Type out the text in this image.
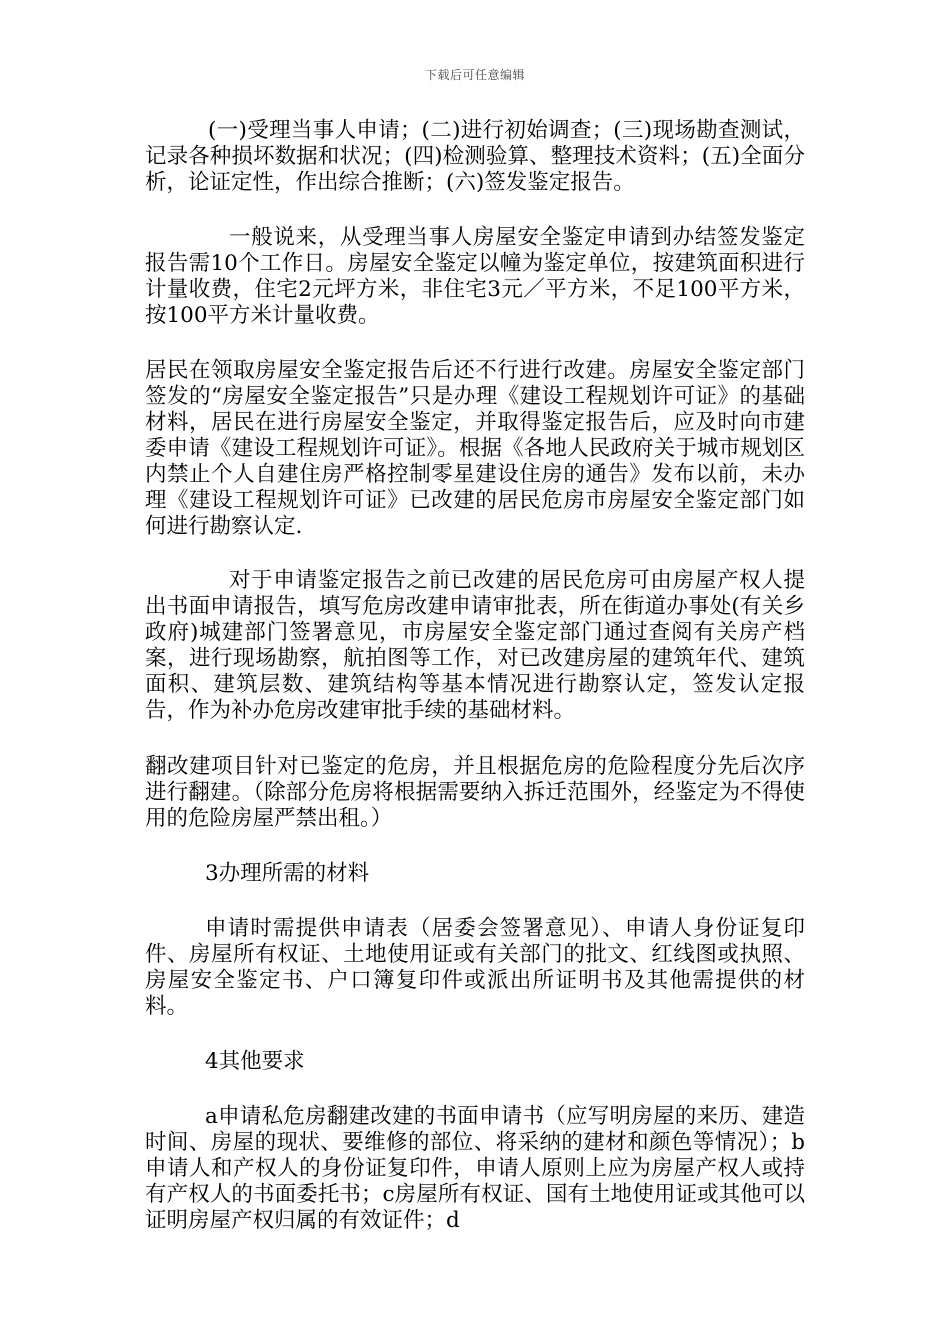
下载后可任意编辑

(一)受理当事人申请；(二)进行初始调查；(三)现场勘查测试，记录各种损坏数据和状况；(四)检测验算、整理技术资料；(五)全面分析，论证定性，作出综合推断；(六)签发鉴定报告。

一般说来，从受理当事人房屋安全鉴定申请到办结签发鉴定报告需10个工作日。房屋安全鉴定以幢为鉴定单位，按建筑面积进行计量收费，住宅2元坪方米，非住宅3元／平方米，不足100平方米，按100平方米计量收费。

居民在领取房屋安全鉴定报告后还不行进行改建。房屋安全鉴定部门签发的“房屋安全鉴定报告”只是办理《建设工程规划许可证》的基础材料，居民在进行房屋安全鉴定，并取得鉴定报告后，应及时向市建委申请《建设工程规划许可证》。根据《各地人民政府关于城市规划区内禁止个人自建住房严格控制零星建设住房的通告》发布以前，未办理《建设工程规划许可证》已改建的居民危房市房屋安全鉴定部门如何进行勘察认定.

对于申请鉴定报告之前已改建的居民危房可由房屋产权人提出书面申请报告，填写危房改建申请审批表，所在街道办事处(有关乡政府)城建部门签署意见，市房屋安全鉴定部门通过查阅有关房产档案，进行现场勘察，航拍图等工作，对已改建房屋的建筑年代、建筑面积、建筑层数、建筑结构等基本情况进行勘察认定，签发认定报告，作为补办危房改建审批手续的基础材料。

翻改建项目针对已鉴定的危房，并且根据危房的危险程度分先后次序进行翻建。（除部分危房将根据需要纳入拆迁范围外，经鉴定为不得使用的危险房屋严禁出租。）

3办理所需的材料

申请时需提供申请表（居委会签署意见）、申请人身份证复印件、房屋所有权证、土地使用证或有关部门的批文、红线图或执照、房屋安全鉴定书、户口簿复印件或派出所证明书及其他需提供的材料。

4其他要求

a申请私危房翻建改建的书面申请书（应写明房屋的来历、建造时间、房屋的现状、要维修的部位、将采纳的建材和颜色等情况）；b申请人和产权人的身份证复印件，申请人原则上应为房屋产权人或持有产权人的书面委托书；c房屋所有权证、国有土地使用证或其他可以证明房屋产权归属的有效证件；d
